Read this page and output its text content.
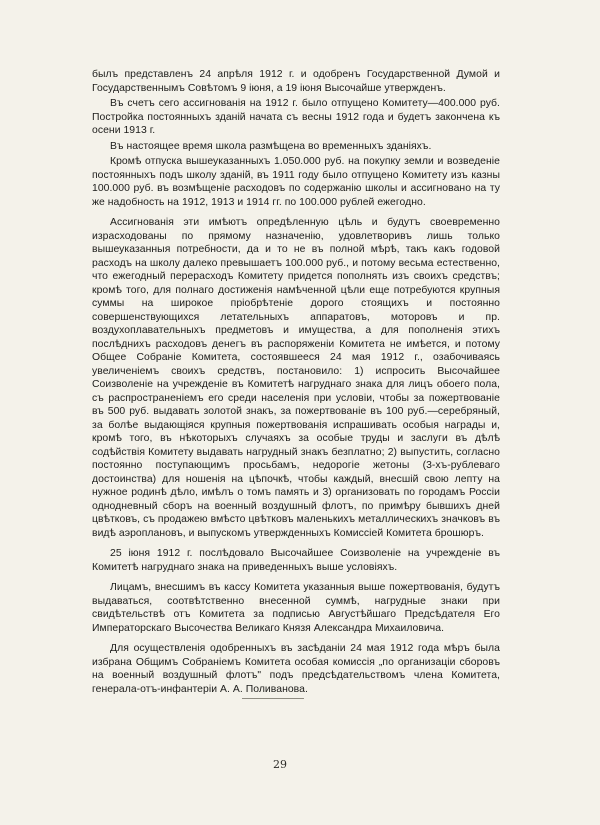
былъ представленъ 24 апрѣля 1912 г. и одобренъ Государственной Думой и Государственнымъ Совѣтомъ 9 іюня, а 19 іюня Высочайше утвержденъ.

Въ счетъ сего ассигнованія на 1912 г. было отпущено Комитету—400.000 руб. Постройка постоянныхъ зданій начата съ весны 1912 года и будетъ закончена къ осени 1913 г.

Въ настоящее время школа размѣщена во временныхъ зданіяхъ.

Кромѣ отпуска вышеуказанныхъ 1.050.000 руб. на покупку земли и возведеніе постоянныхъ подъ школу зданій, въ 1911 году было отпущено Комитету изъ казны 100.000 руб. въ возмѣщеніе расходовъ по содержанію школы и ассигновано на ту же надобность на 1912, 1913 и 1914 гг. по 100.000 рублей ежегодно.

Ассигнованія эти имѣютъ опредѣленную цѣль и будутъ своевременно израсходованы по прямому назначенію, удовлетворивъ лишь только вышеуказанныя потребности, да и то не въ полной мѣрѣ, такъ какъ годовой расходъ на школу далеко превышаетъ 100.000 руб., и потому весьма естественно, что ежегодный перерасходъ Комитету придется пополнять изъ своихъ средствъ; кромѣ того, для полнаго достиженія намѣченной цѣли еще потребуются крупныя суммы на широкое пріобрѣтеніе дорого стоящихъ и постоянно совершенствующихся летательныхъ аппаратовъ, моторовъ и пр. воздухоплавательныхъ предметовъ и имущества, а для пополненія этихъ послѣднихъ расходовъ денегъ въ распоряженіи Комитета не имѣется, и потому Общее Собраніе Комитета, состоявшееся 24 мая 1912 г., озабочиваясь увеличеніемъ своихъ средствъ, постановило: 1) испросить Высочайшее Соизволеніе на учрежденіе въ Комитетѣ нагруднаго знака для лицъ обоего пола, съ распространеніемъ его среди населенія при условіи, чтобы за пожертвованіе въ 500 руб. выдавать золотой знакъ, за пожертвованіе въ 100 руб.—серебряный, за болѣе выдающіяся крупныя пожертвованія испрашивать особыя награды и, кромѣ того, въ нѣкоторыхъ случаяхъ за особые труды и заслуги въ дѣлѣ содѣйствія Комитету выдавать нагрудный знакъ безплатно; 2) выпустить, согласно постоянно поступающимъ просьбамъ, недорогіе жетоны (3-хъ-рублеваго достоинства) для ношенія на цѣпочкѣ, чтобы каждый, внесшій свою лепту на нужное родинѣ дѣло, имѣлъ о томъ память и 3) организовать по городамъ Россіи однодневный сборъ на военный воздушный флотъ, по примѣру бывшихъ дней цвѣтковъ, съ продажею вмѣсто цвѣтковъ маленькихъ металлическихъ значковъ въ видѣ аэроплановъ, и выпускомъ утвержденныхъ Комиссіей Комитета брошюръ.

25 іюня 1912 г. послѣдовало Высочайшее Соизволеніе на учрежденіе въ Комитетѣ нагруднаго знака на приведенныхъ выше условіяхъ.

Лицамъ, внесшимъ въ кассу Комитета указанныя выше пожертвованія, будутъ выдаваться, соотвѣтственно внесенной суммѣ, нагрудные знаки при свидѣтельствѣ отъ Комитета за подписью Августѣйшаго Предсѣдателя Его Императорскаго Высочества Великаго Князя Александра Михаиловича.

Для осуществленія одобренныхъ въ засѣданіи 24 мая 1912 года мѣръ была избрана Общимъ Собраніемъ Комитета особая комиссія „по организаціи сборовъ на военный воздушный флотъ" подъ предсѣдательствомъ члена Комитета, генерала-отъ-инфантеріи А. А. Поливанова.

29
